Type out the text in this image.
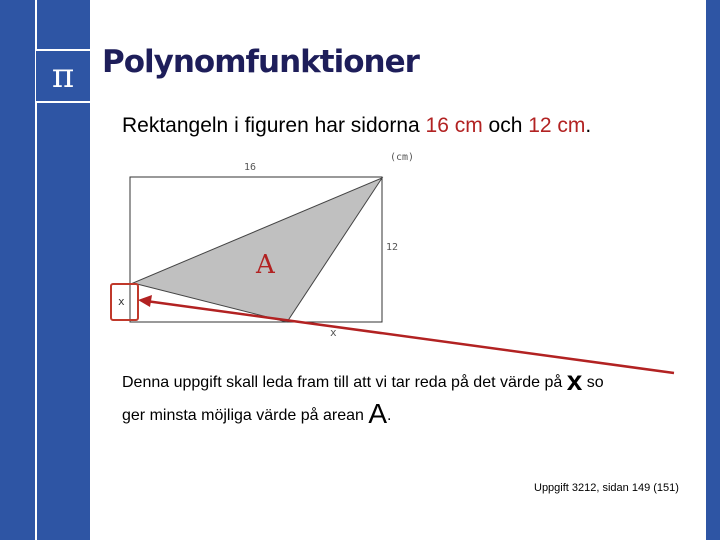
π Polynomfunktioner
Rektangeln i figuren har sidorna 16 cm och 12 cm.
16
(cm)
12
A
x
x
Denna uppgift skall leda fram till att vi tar reda på det värde på x so
ger minsta möjliga värde på arean A.
Uppgift 3212, sidan 149 (151)
